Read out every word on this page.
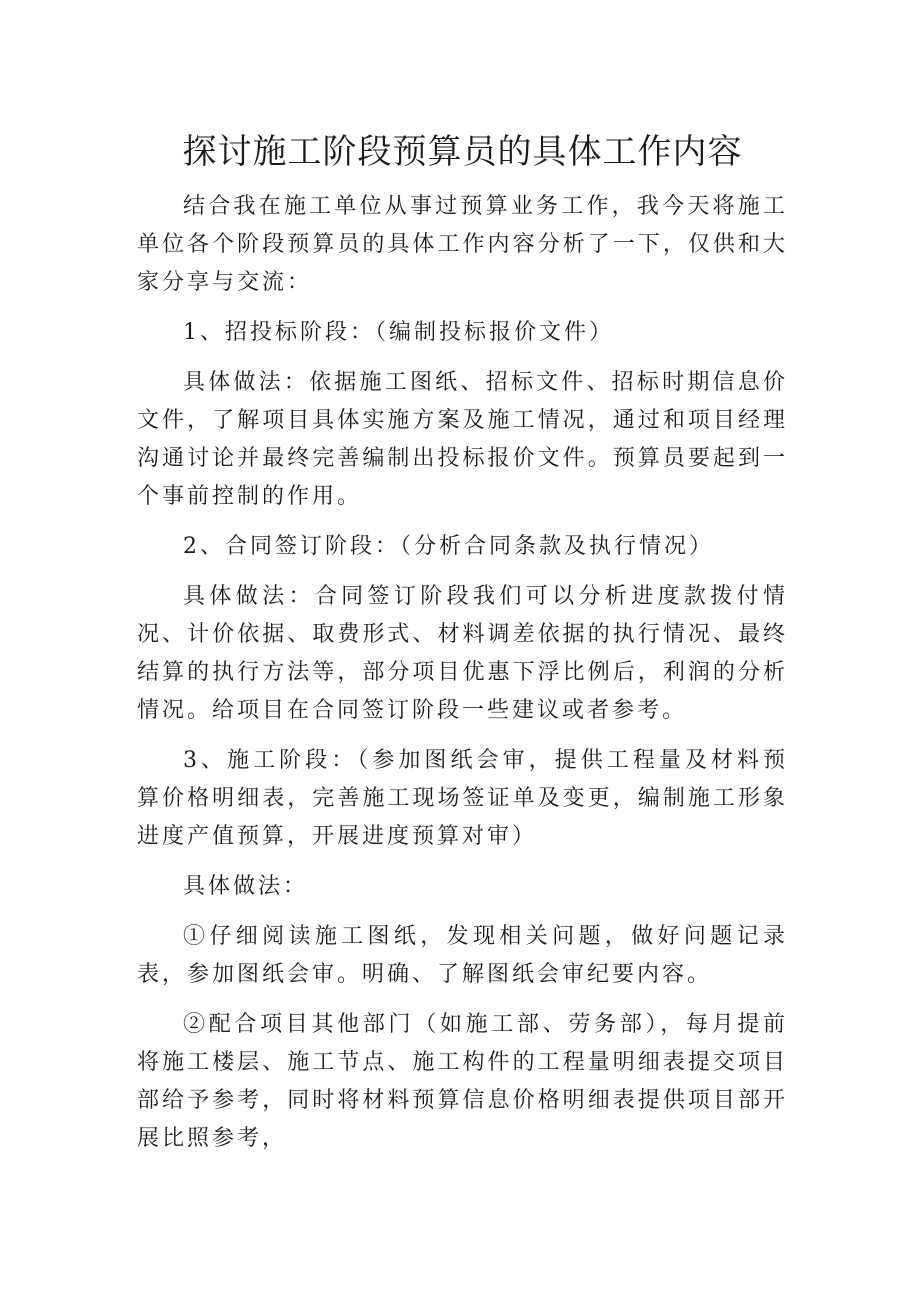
探讨施工阶段预算员的具体工作内容

结合我在施工单位从事过预算业务工作，我今天将施工单位各个阶段预算员的具体工作内容分析了一下，仅供和大家分享与交流：

1、招投标阶段：（编制投标报价文件）

具体做法：依据施工图纸、招标文件、招标时期信息价文件，了解项目具体实施方案及施工情况，通过和项目经理沟通讨论并最终完善编制出投标报价文件。预算员要起到一个事前控制的作用。

2、合同签订阶段：（分析合同条款及执行情况）

具体做法：合同签订阶段我们可以分析进度款拨付情况、计价依据、取费形式、材料调差依据的执行情况、最终结算的执行方法等，部分项目优惠下浮比例后，利润的分析情况。给项目在合同签订阶段一些建议或者参考。

3、施工阶段：（参加图纸会审，提供工程量及材料预算价格明细表，完善施工现场签证单及变更，编制施工形象进度产值预算，开展进度预算对审）

具体做法：

①仔细阅读施工图纸，发现相关问题，做好问题记录表，参加图纸会审。明确、了解图纸会审纪要内容。

②配合项目其他部门（如施工部、劳务部），每月提前将施工楼层、施工节点、施工构件的工程量明细表提交项目部给予参考，同时将材料预算信息价格明细表提供项目部开展比照参考，
